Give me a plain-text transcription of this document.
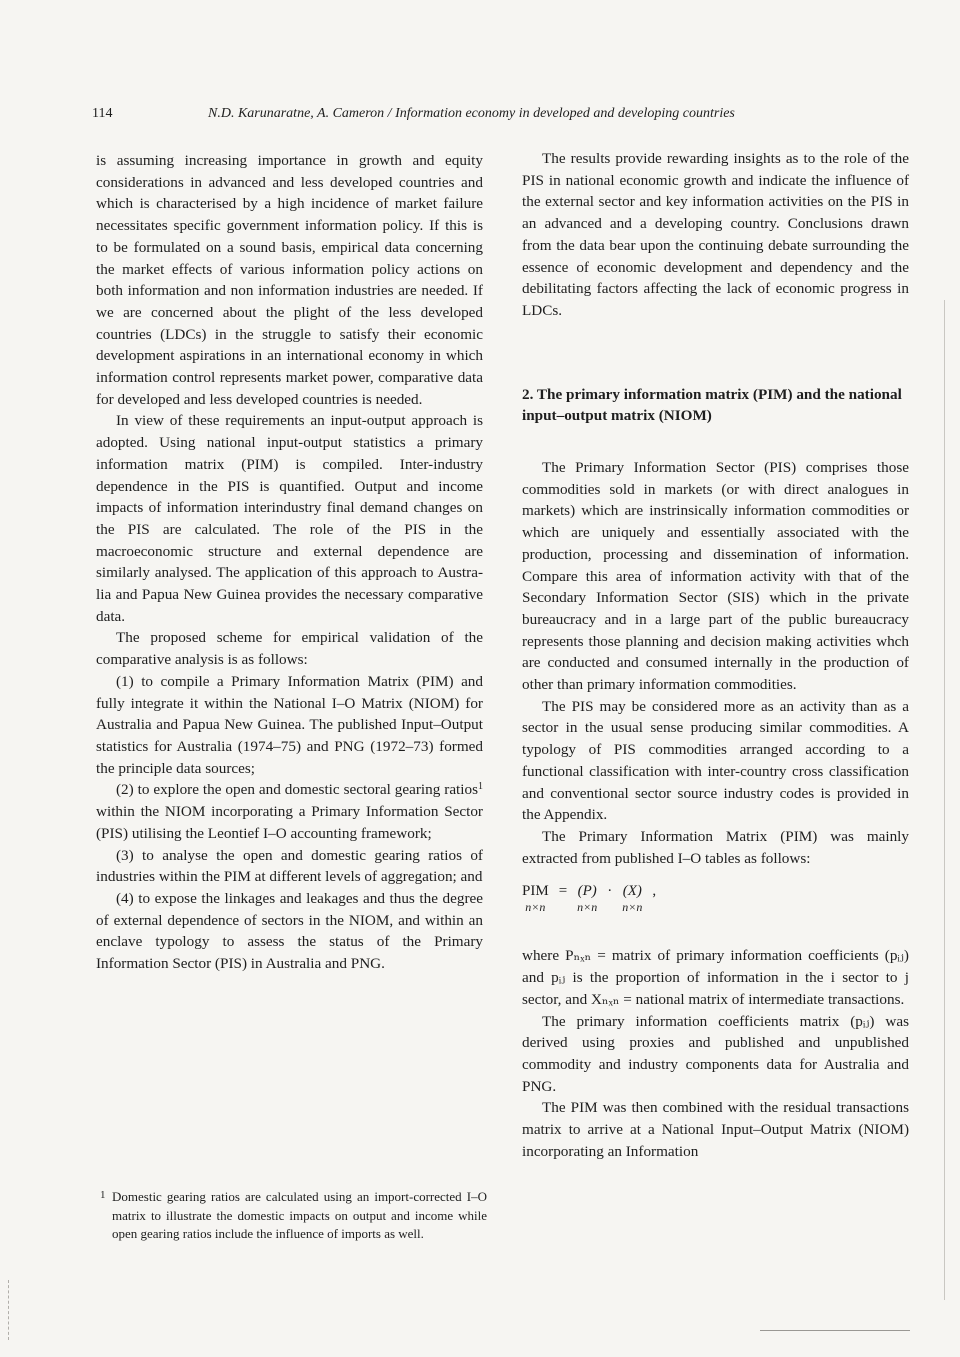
114	N.D. Karunaratne, A. Cameron / Information economy in developed and developing countries

is assuming increasing importance in growth and equity considerations in advanced and less developed countries and which is characterised by a high incidence of market failure necessitates specific government information policy. If this is to be formulated on a sound basis, empirical data concerning the market effects of various information policy actions on both information and non information industries are needed. If we are concerned about the plight of the less developed countries (LDCs) in the struggle to satisfy their economic development aspirations in an international economy in which information control represents market power, comparative data for developed and less developed countries is needed.

In view of these requirements an input-output approach is adopted. Using national input-output statistics a primary information matrix (PIM) is compiled. Inter-industry dependence in the PIS is quantified. Output and income impacts of information interindustry final demand changes on the PIS are calculated. The role of the PIS in the macroeconomic structure and external dependence are similarly analysed. The application of this approach to Australia and Papua New Guinea provides the necessary comparative data.

The proposed scheme for empirical validation of the comparative analysis is as follows:

(1) to compile a Primary Information Matrix (PIM) and fully integrate it within the National I–O Matrix (NIOM) for Australia and Papua New Guinea. The published Input–Output statistics for Australia (1974–75) and PNG (1972–73) formed the principle data sources;

(2) to explore the open and domestic sectoral gearing ratios$^1$ within the NIOM incorporating a Primary Information Sector (PIS) utilising the Leontief I–O accounting framework;

(3) to analyse the open and domestic gearing ratios of industries within the PIM at different levels of aggregation; and

(4) to expose the linkages and leakages and thus the degree of external dependence of sectors in the NIOM, and within an enclave typology to assess the status of the Primary Information Sector (PIS) in Australia and PNG.

1 Domestic gearing ratios are calculated using an import-corrected I–O matrix to illustrate the domestic impacts on output and income while open gearing ratios include the influence of imports as well.

The results provide rewarding insights as to the role of the PIS in national economic growth and indicate the influence of the external sector and key information activities on the PIS in an advanced and a developing country. Conclusions drawn from the data bear upon the continuing debate surrounding the essence of economic development and dependency and the debilitating factors affecting the lack of economic progress in LDCs.

2. The primary information matrix (PIM) and the national input–output matrix (NIOM)

The Primary Information Sector (PIS) comprises those commodities sold in markets (or with direct analogues in markets) which are instrinsically information commodities or which are uniquely and essentially associated with the production, processing and dissemination of information. Compare this area of information activity with that of the Secondary Information Sector (SIS) which in the private bureaucracy and in a large part of the public bureaucracy represents those planning and decision making activities whch are conducted and consumed internally in the production of other than primary information commodities.

The PIS may be considered more as an activity than as a sector in the usual sense producing similar commodities. A typology of PIS commodities arranged according to a functional classification with inter-country cross classification and conventional sector source industry codes is provided in the Appendix.

The Primary Information Matrix (PIM) was mainly extracted from published I–O tables as follows:

PIM
n×n
= (P)
n×n
· (X)
n×n
,

where Pₙₓₙ = matrix of primary information coefficients (pᵢⱼ) and pᵢⱼ is the proportion of information in the i sector to j sector, and Xₙₓₙ = national matrix of intermediate transactions.

The primary information coefficients matrix (pᵢⱼ) was derived using proxies and published and unpublished commodity and industry components data for Australia and PNG.

The PIM was then combined with the residual transactions matrix to arrive at a National Input–Output Matrix (NIOM) incorporating an Information
